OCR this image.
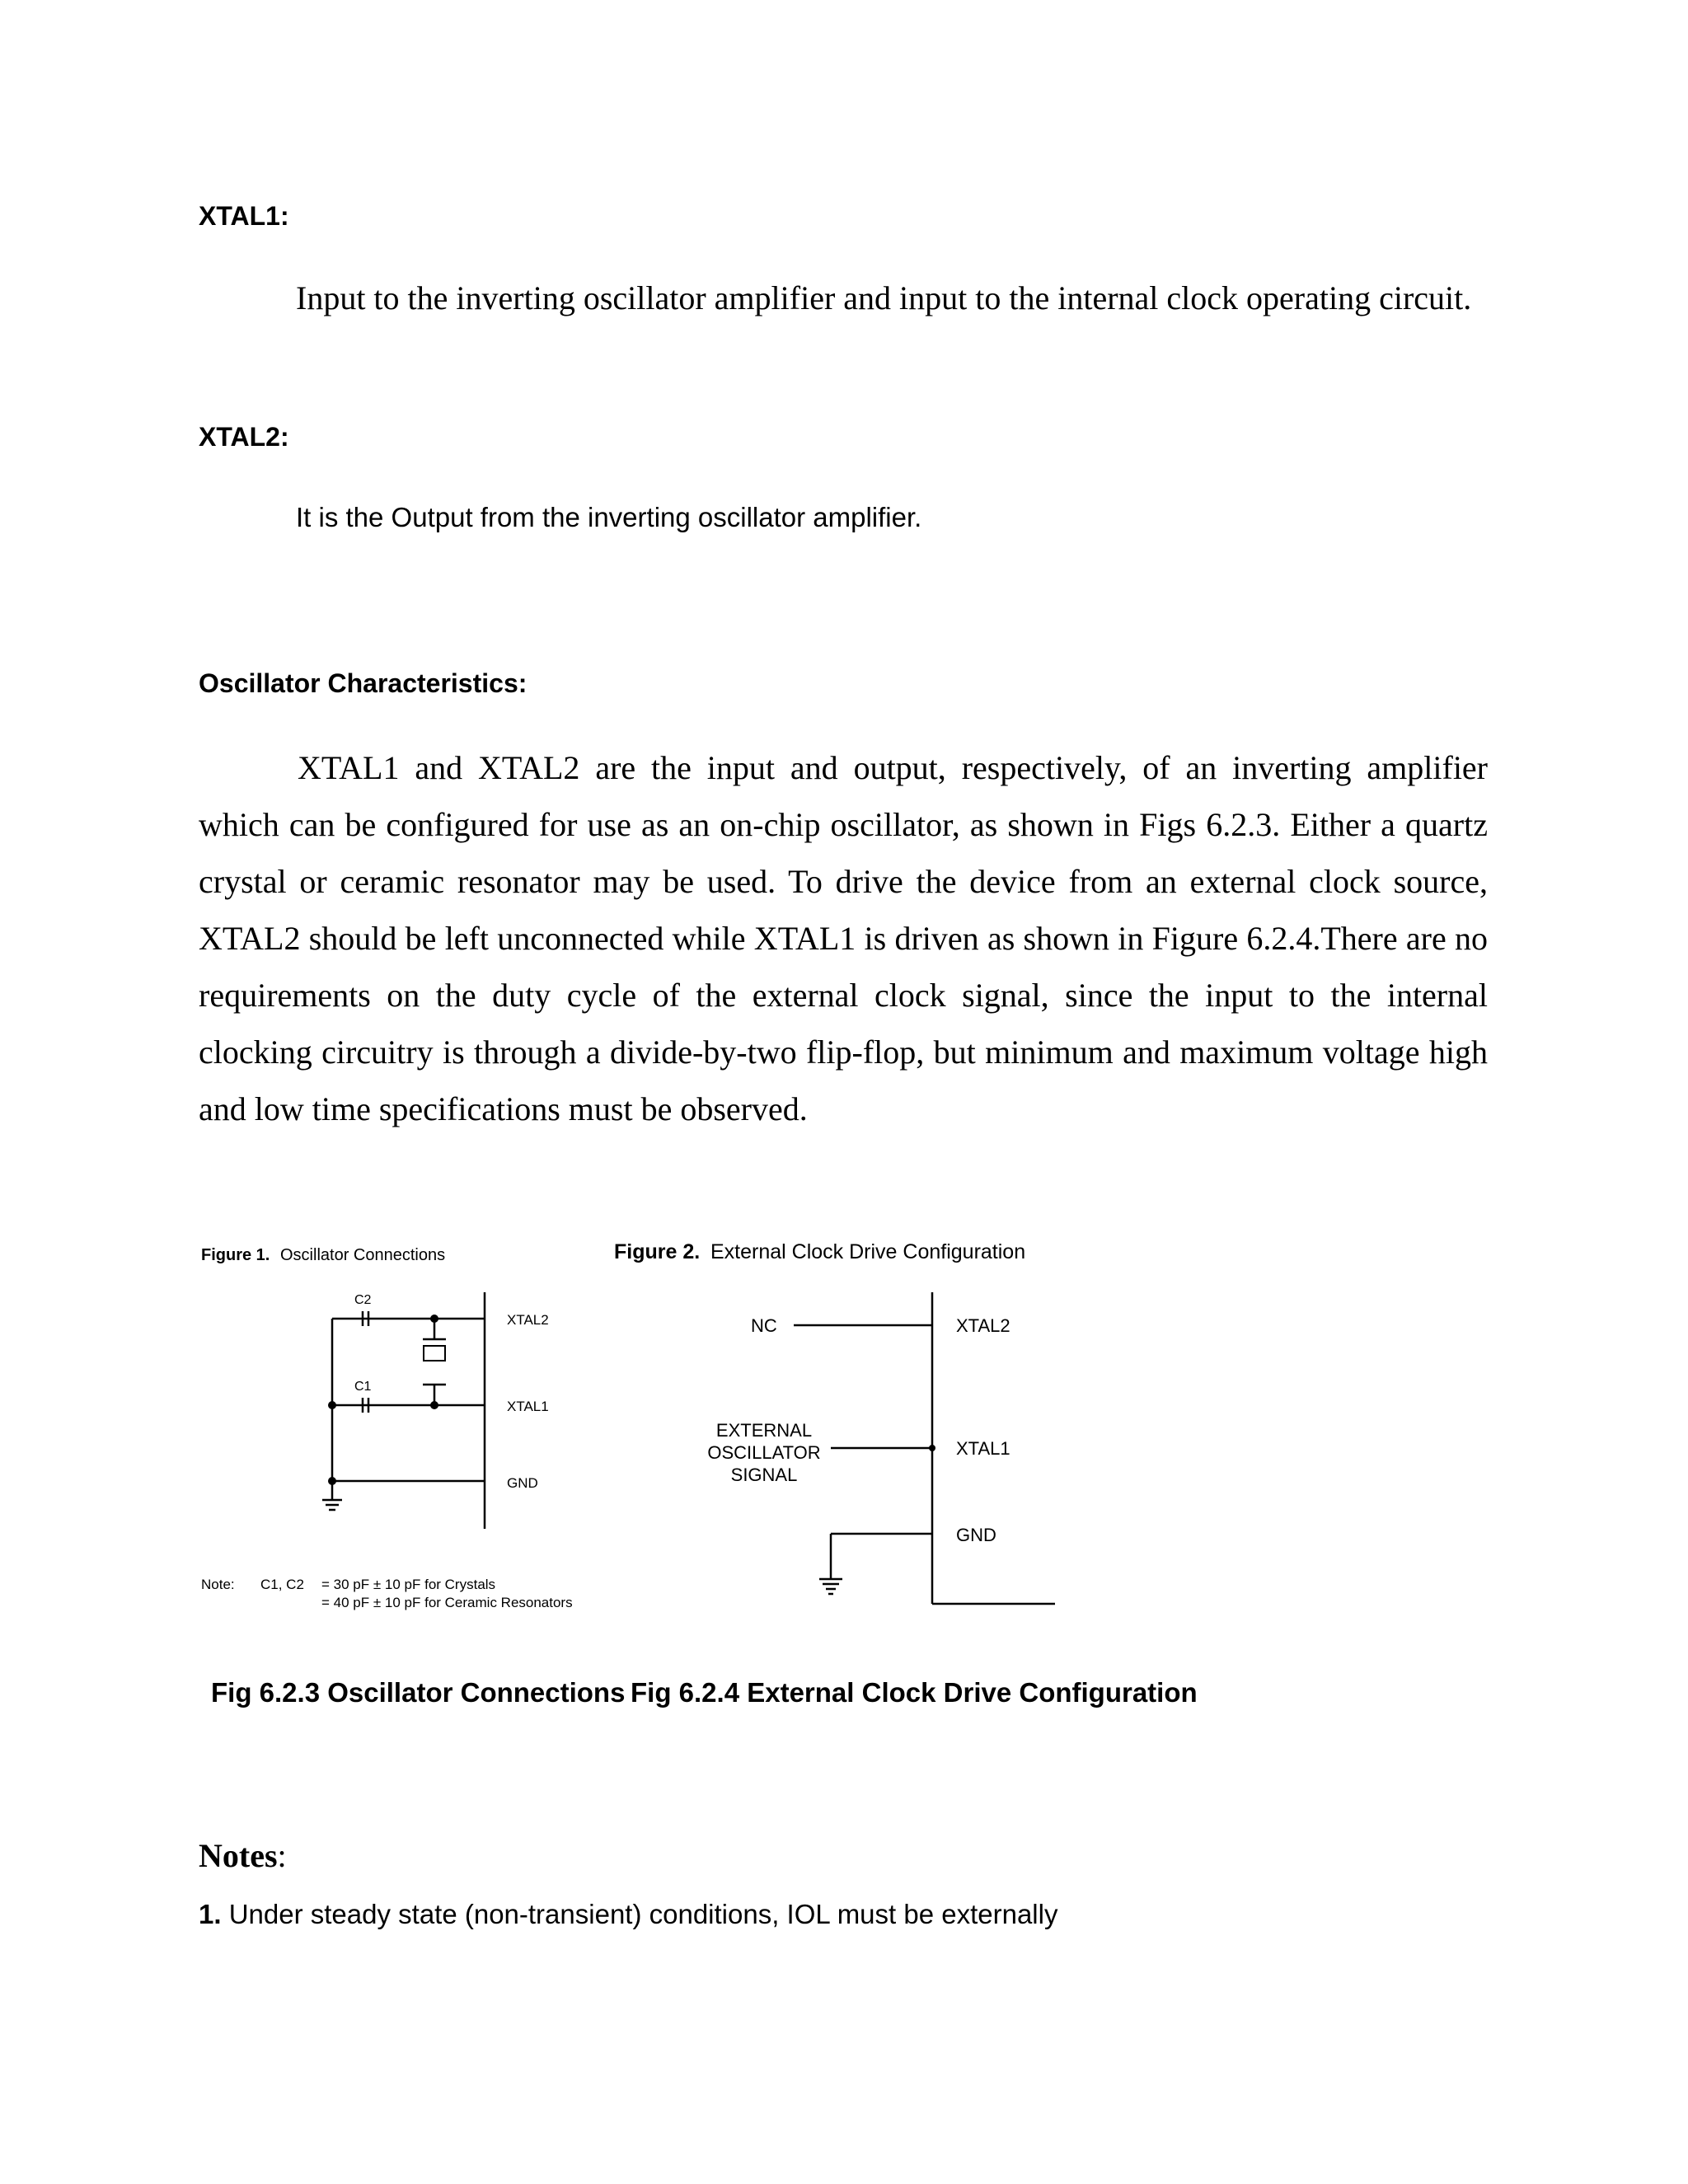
XTAL1:
Input to the inverting oscillator amplifier and input to the internal clock operating circuit.
XTAL2:
It is the Output from the inverting oscillator amplifier.
Oscillator Characteristics:
XTAL1 and XTAL2 are the input and output, respectively, of an inverting amplifier which can be configured for use as an on-chip oscillator, as shown in Figs 6.2.3. Either a quartz crystal or ceramic resonator may be used. To drive the device from an external clock source, XTAL2 should be left unconnected while XTAL1 is driven as shown in Figure 6.2.4.There are no requirements on the duty cycle of the external clock signal, since the input to the internal clocking circuitry is through a divide-by-two flip-flop, but minimum and maximum voltage high and low time specifications must be observed.
Figure 1. Oscillator Connections
C2
C1
XTAL2
XTAL1
GND
Note: C1, C2 = 30 pF ± 10 pF for Crystals
= 40 pF ± 10 pF for Ceramic Resonators
Figure 2. External Clock Drive Configuration
NC
EXTERNAL
OSCILLATOR
SIGNAL
XTAL2
XTAL1
GND
Fig 6.2.3 Oscillator Connections Fig 6.2.4 External Clock Drive Configuration
Notes:
1. Under steady state (non-transient) conditions, IOL must be externally
